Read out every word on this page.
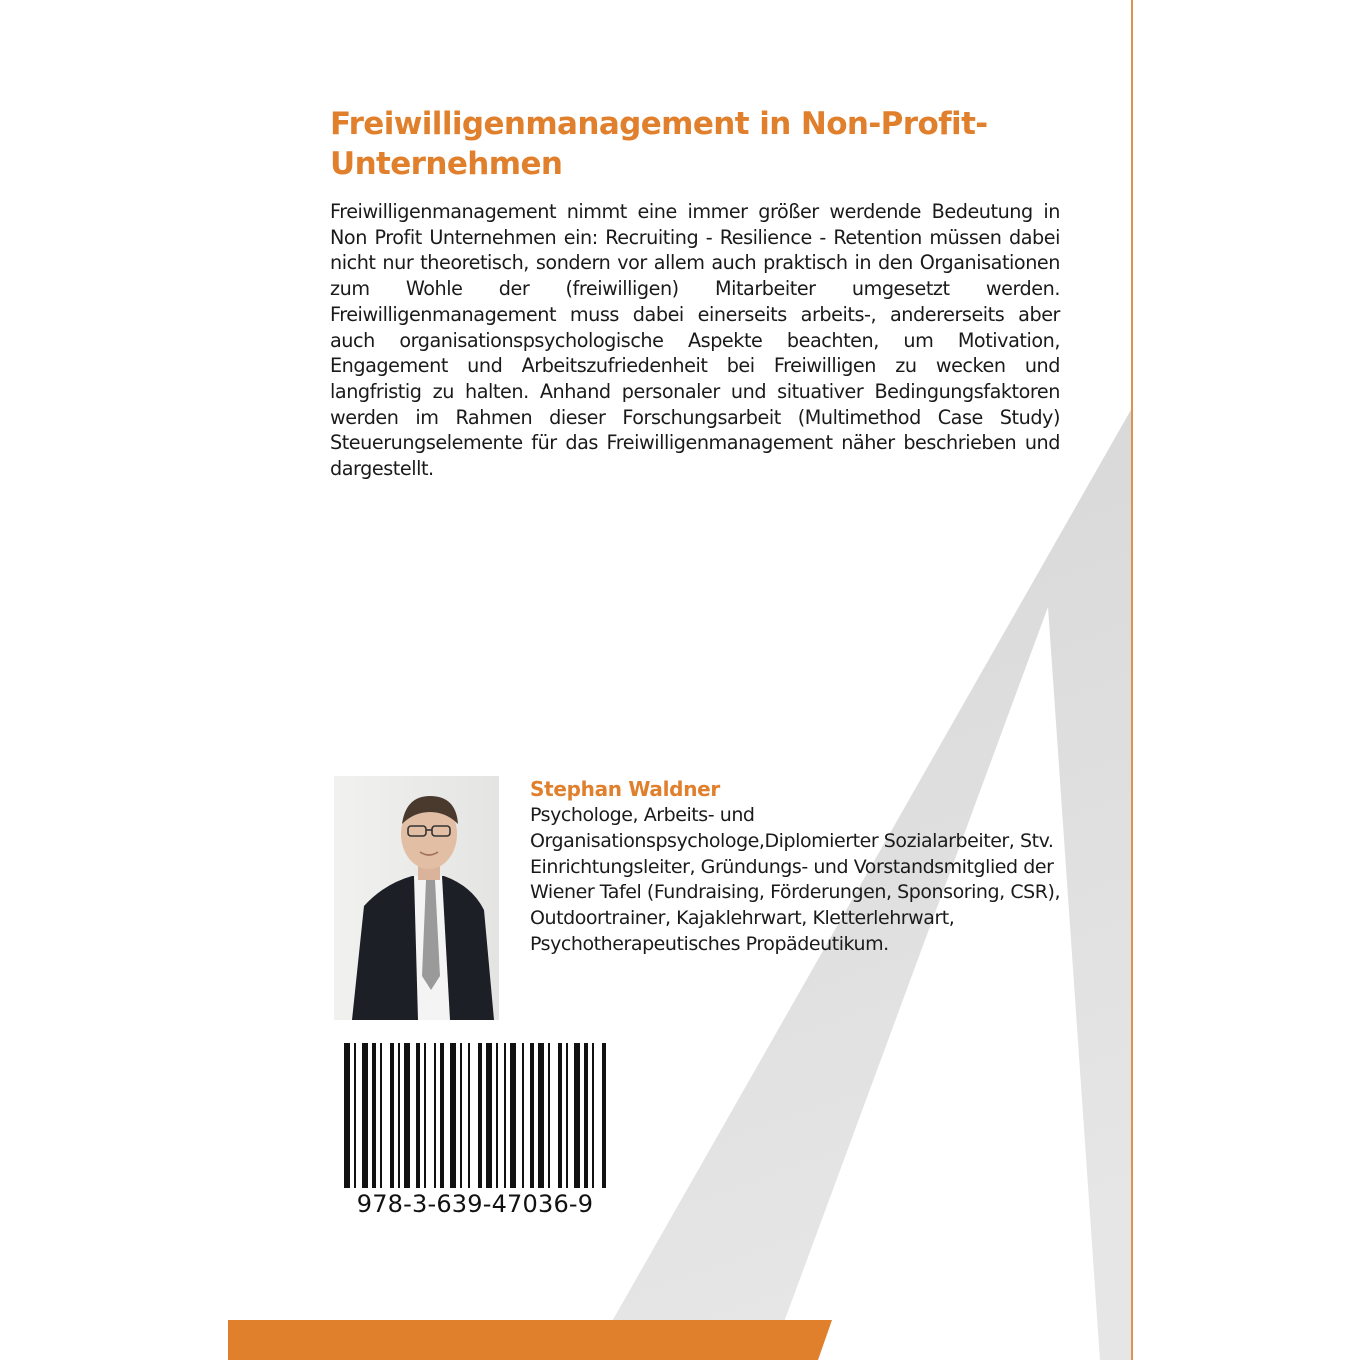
Freiwilligenmanagement in Non-Profit-Unternehmen

Freiwilligenmanagement nimmt eine immer größer werdende Bedeutung in Non Profit Unternehmen ein: Recruiting - Resilience - Retention müssen dabei nicht nur theoretisch, sondern vor allem auch praktisch in den Organisationen zum Wohle der (freiwilligen) Mitarbeiter umgesetzt werden. Freiwilligenmanagement muss dabei einerseits arbeits-, andererseits aber auch organisationspsychologische Aspekte beachten, um Motivation, Engagement und Arbeitszufriedenheit bei Freiwilligen zu wecken und langfristig zu halten. Anhand personaler und situativer Bedingungsfaktoren werden im Rahmen dieser Forschungsarbeit (Multimethod Case Study) Steuerungselemente für das Freiwilligenmanagement näher beschrieben und dargestellt.

Stephan Waldner

Psychologe, Arbeits- und Organisationspsychologe,Diplomierter Sozialarbeiter, Stv. Einrichtungsleiter, Gründungs- und Vorstandsmitglied der Wiener Tafel (Fundraising, Förderungen, Sponsoring, CSR), Outdoortrainer, Kajaklehrwart, Kletterlehrwart, Psychotherapeutisches Propädeutikum.

978-3-639-47036-9
